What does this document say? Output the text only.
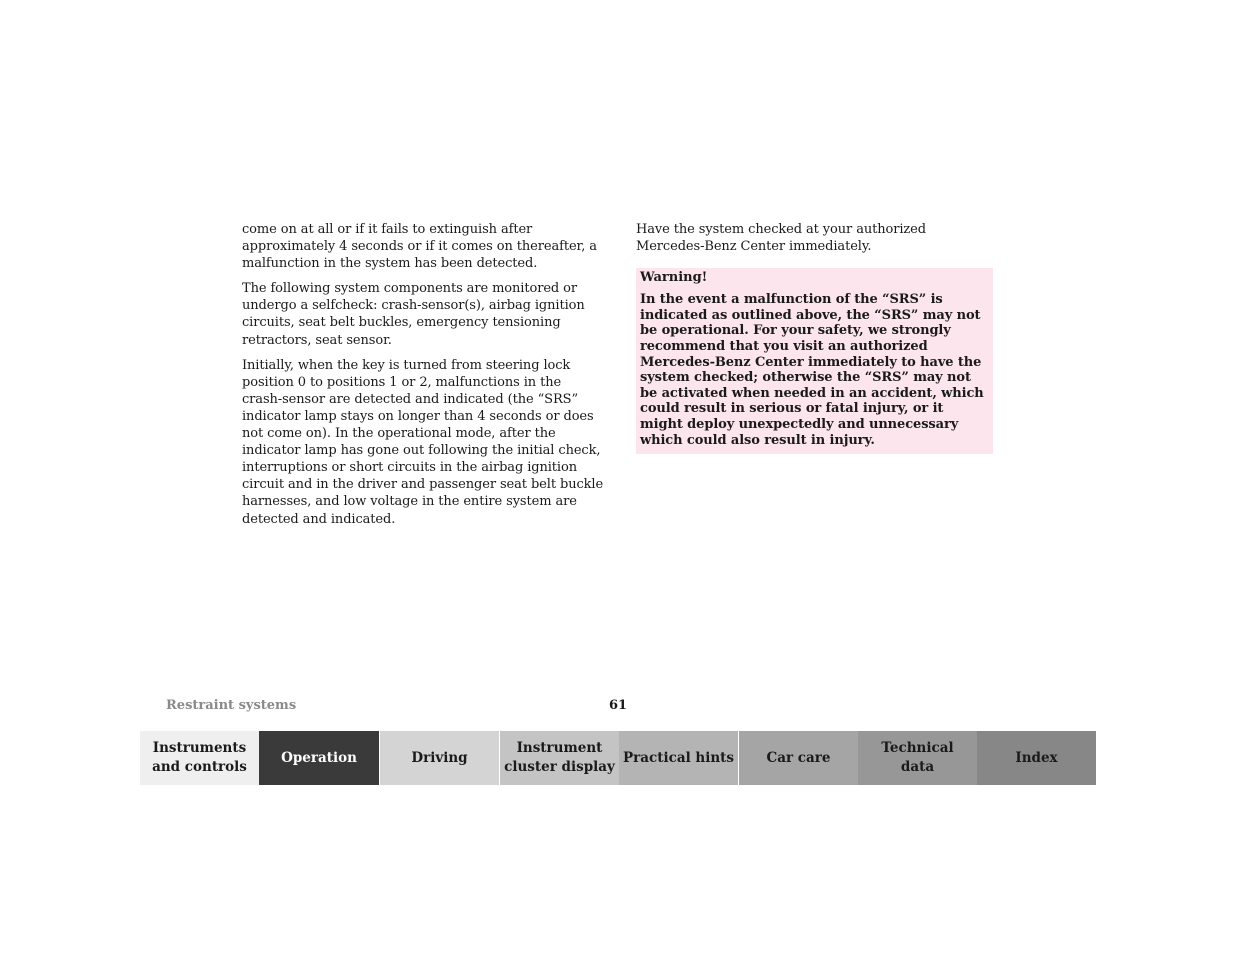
come on at all or if it fails to extinguish after approximately 4 seconds or if it comes on thereafter, a malfunction in the system has been detected.

The following system components are monitored or undergo a selfcheck: crash-sensor(s), airbag ignition circuits, seat belt buckles, emergency tensioning retractors, seat sensor.

Initially, when the key is turned from steering lock position 0 to positions 1 or 2, malfunctions in the crash-sensor are detected and indicated (the “SRS” indicator lamp stays on longer than 4 seconds or does not come on). In the operational mode, after the indicator lamp has gone out following the initial check, interruptions or short circuits in the airbag ignition circuit and in the driver and passenger seat belt buckle harnesses, and low voltage in the entire system are detected and indicated.

Have the system checked at your authorized Mercedes-Benz Center immediately.

Warning!

In the event a malfunction of the “SRS” is indicated as outlined above, the “SRS” may not be operational. For your safety, we strongly recommend that you visit an authorized Mercedes-Benz Center immediately to have the system checked; otherwise the “SRS” may not be activated when needed in an accident, which could result in serious or fatal injury, or it might deploy unexpectedly and unnecessary which could also result in injury.

Restraint systems	61
Instruments
and controls
Operation	Driving
Instrument
cluster display
Practical hints	Car care
Technical
data
Index
